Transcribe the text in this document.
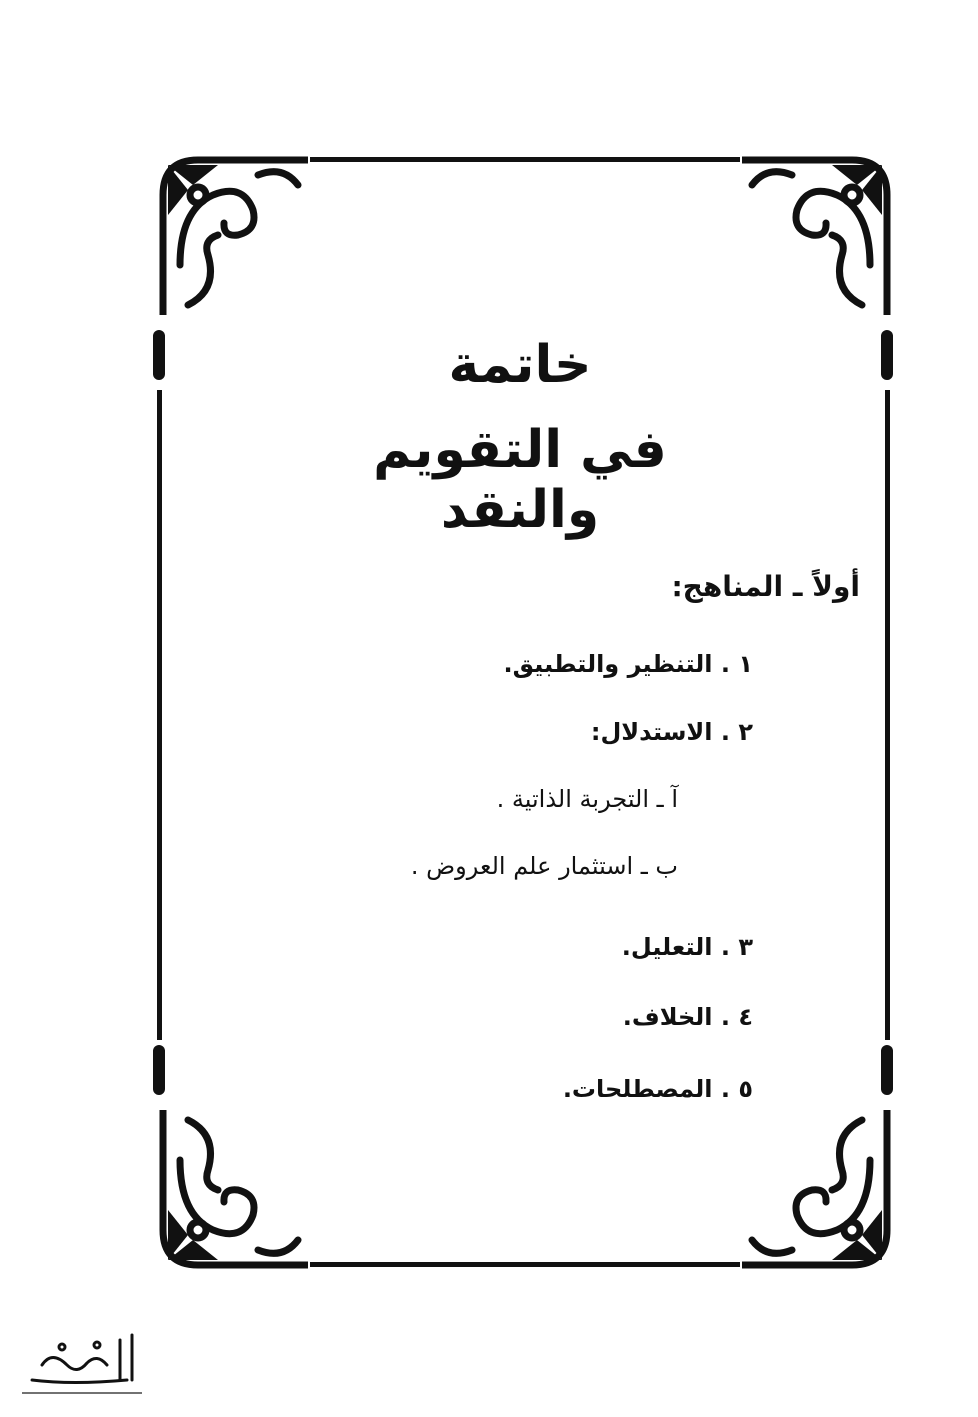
خاتمة
في التقويم والنقد
أولاً ـ المناهج:
١ . التنظير والتطبيق.
٢ . الاستدلال:
آ ـ التجربة الذاتية .
ب ـ استثمار علم العروض .
٣ . التعليل.
٤ . الخلاف.
٥ . المصطلحات.
